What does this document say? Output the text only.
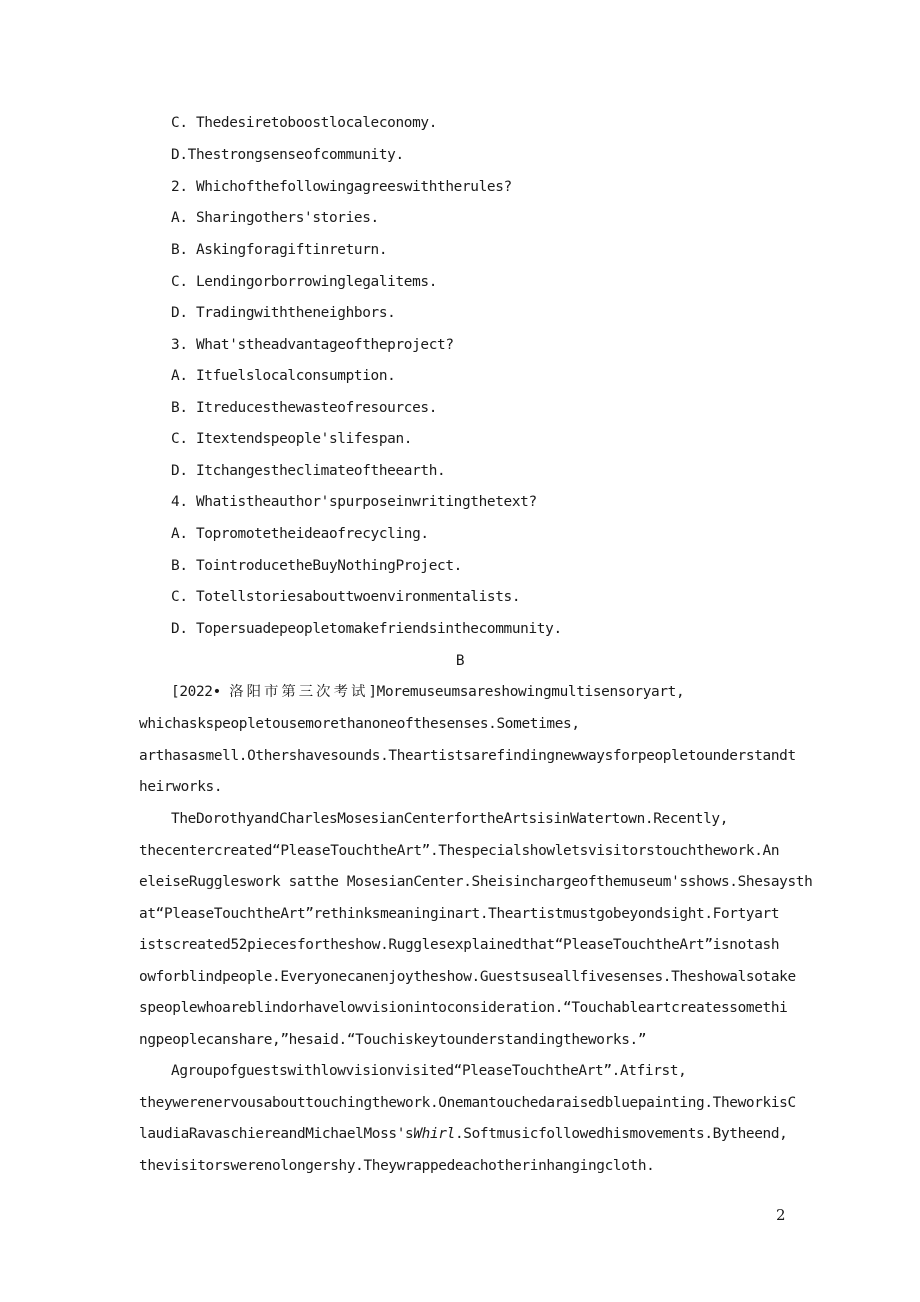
C. Thedesiretoboostlocaleconomy.
D.Thestrongsenseofcommunity.
2. Whichofthefollowingagreeswiththerules?
A. Sharingothers'stories.
B. Askingforagiftinreturn.
C. Lendingorborrowinglegalitems.
D. Tradingwiththeneighbors.
3. What'stheadvantageoftheproject?
A. Itfuelslocalconsumption.
B. Itreducesthewasteofresources.
C. Itextendspeople'slifespan.
D. Itchangestheclimateoftheearth.
4. Whatistheauthor'spurposeinwritingthetext?
A. Topromotetheideaofrecycling.
B. TointroducetheBuyNothingProject.
C. Totellstoriesabouttwoenvironmentalists.
D. Topersuadepeopletomakefriendsinthecommunity.
B
[2022• 洛阳市第三次考试]Moremuseumsareshowingmultisensoryart,
whichaskspeopletousemorethanoneofthesenses.Sometimes,
arthasasmell.Othershavesounds.Theartistsarefindingnewwaysforpeopletounderstandt
heirworks.
TheDorothyandCharlesMosesianCenterfortheArtsisinWatertown.Recently,
thecentercreated“PleaseTouchtheArt”.Thespecialshowletsvisitorstouchthework.An
eleiseRuggleswork satthe MosesianCenter.Sheisinchargeofthemuseum'sshows.Shesaysth
at“PleaseTouchtheArt”rethinksmeaninginart.Theartistmustgobeyondsight.Fortyart
istscreated52piecesfortheshow.Rugglesexplainedthat“PleaseTouchtheArt”isnotash
owforblindpeople.Everyonecanenjoytheshow.Guestsuseallfivesenses.Theshowalsotake
speoplewhoareblindorhavelowvisionintoconsideration.“Touchableartcreatessomethi
ngpeoplecanshare,”hesaid.“Touchiskeytounderstandingtheworks.”
Agroupofguestswithlowvisionvisited“PleaseTouchtheArt”.Atfirst,
theywerenervousabouttouchingthework.Onemantouchedaraisedbluepainting.TheworkisC
laudiaRavaschiereandMichaelMoss'sWhirl.Softmusicfollowedhismovements.Bytheend,
thevisitorswerenolongershy.Theywrappedeachotherinhangingcloth.
2
